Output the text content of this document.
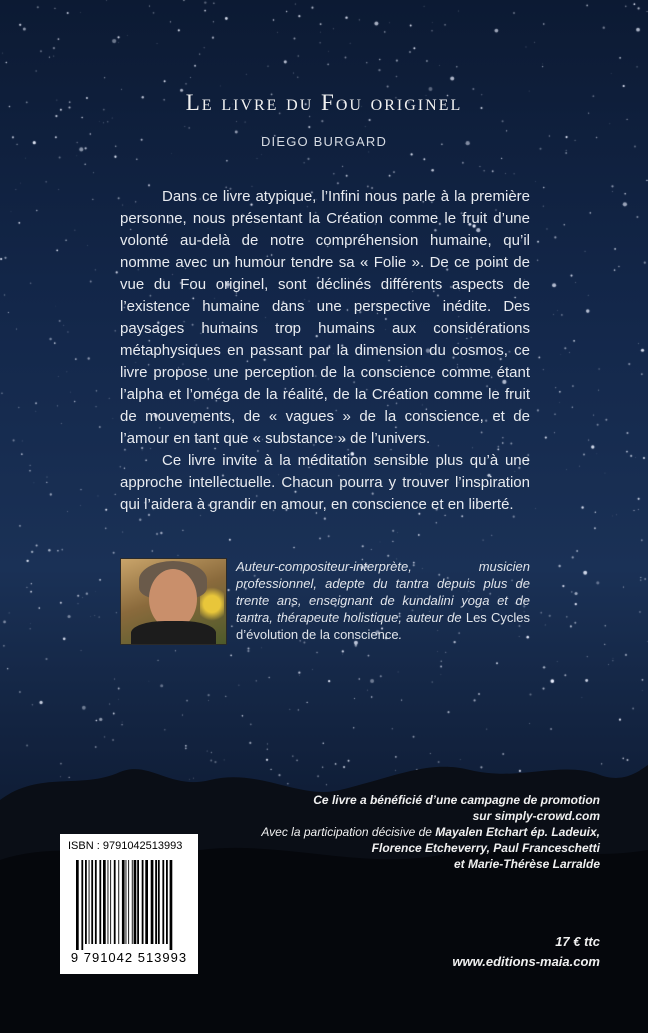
Le livre du Fou originel
DIEGO BURGARD

Dans ce livre atypique, l’Infini nous parle à la première personne, nous présentant la Création comme le fruit d’une volonté au-delà de notre compréhension humaine, qu’il nomme avec un humour tendre sa « Folie ». De ce point de vue du Fou originel, sont déclinés différents aspects de l’existence humaine dans une perspective inédite. Des paysages humains trop humains aux considérations métaphysiques en passant par la dimension du cosmos, ce livre propose une perception de la conscience comme étant l’alpha et l’oméga de la réalité, de la Création comme le fruit de mouvements, de « vagues » de la conscience, et de l’amour en tant que « substance » de l’univers.

Ce livre invite à la méditation sensible plus qu’à une approche intellectuelle. Chacun pourra y trouver l’inspiration qui l’aidera à grandir en amour, en conscience et en liberté.

Auteur-compositeur-interprète, musicien professionnel, adepte du tantra depuis plus de trente ans, enseignant de kundalini yoga et de tantra, thérapeute holistique, auteur de Les Cycles d’évolution de la conscience.
Ce livre a bénéficié d’une campagne de promotion
sur simply-crowd.com
Avec la participation décisive de Mayalen Etchart ép. Ladeuix,
Florence Etcheverry, Paul Franceschetti
et Marie-Thérèse Larralde
ISBN : 9791042513993
9 791042 513993
17 € ttc
www.editions-maia.com
